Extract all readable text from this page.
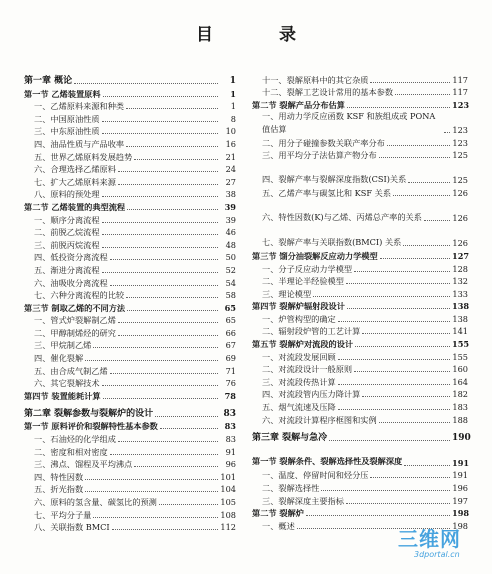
目 录
第一章 概论	1
第一节 乙烯装置原料	1
一、乙烯原料来源和种类	1
二、中国原油性质	8
三、中东原油性质	10
四、油品性质与产品收率	16
五、世界乙烯原料发展趋势	21
六、合理选择乙烯原料	24
七、扩大乙烯原料来源	27
八、原料的预处理	38
第二节 乙烯装置的典型流程	39
一、顺序分离流程	39
二、前脱乙烷流程	46
三、前脱丙烷流程	48
四、低投资分离流程	50
五、渐进分离流程	52
六、油吸收分离流程	54
七、六种分离流程的比较	58
第三节 制取乙烯的不同方法	65
一、管式炉裂解制乙烯	65
二、甲醇制烯烃的研究	66
三、甲烷制乙烯	67
四、催化裂解	69
五、由合成气制乙烯	71
六、其它裂解技术	76
第四节 装置能耗计算	78
第二章 裂解参数与裂解炉的设计	83
第一节 原料评价和裂解特性基本参数	83
一、石油烃的化学组成	83
二、密度和相对密度	91
三、沸点、馏程及平均沸点	96
四、特性因数	101
五、折光指数	104
六、原料的氢含量、碳氢比的预测	105
七、平均分子量	108
八、关联指数 BMCI	112
十一、裂解原料中的其它杂质	117
十二、裂解工艺设计常用的基本参数	117
第二节 裂解产品分布估算	123
一、用动力学反应函数 KSF 和族组成或 PONA 值估算	123
二、用分子碰撞参数关联产率分布	123
三、用平均分子法估算产物分布	125
四、裂解产率与裂解深度指数(CSI)关系	125
五、乙烯产率与碳氢比和 KSF 关系	126
六、特性因数(K)与乙烯、丙烯总产率的关系	126
七、裂解产率与关联指数(BMCI) 关系	126
第三节 馏分油裂解反应动力学模型	127
一、分子反应动力学模型	128
二、半理论半经验模型	132
三、理论模型	133
第四节 裂解炉辐射段设计	138
一、炉管构型的确定	138
二、辐射段炉管的工艺计算	141
第五节 裂解炉对流段的设计	155
一、对流段发展回顾	155
二、对流段设计一般原则	160
三、对流段传热计算	164
四、对流段管内压力降计算	182
五、烟气流速及压降	183
六、对流段计算程序框图和实例	188
第三章 裂解与急冷	190
第一节 裂解条件、裂解选择性及裂解深度	191
一、温度、停留时间和烃分压	191
二、裂解选择性	196
三、裂解深度主要指标	197
第二节 裂解炉	198
一、概述	198
三维网
3dportal.cn
